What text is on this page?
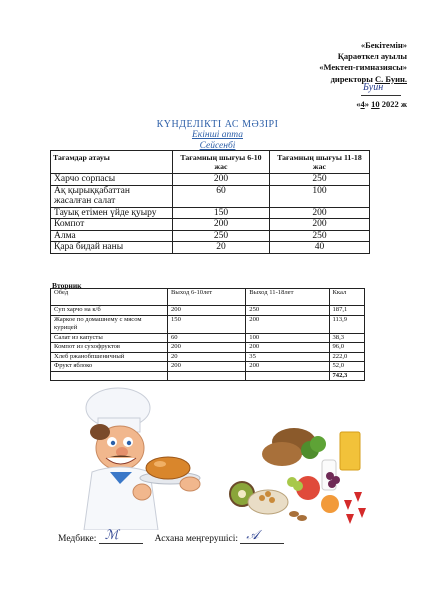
«Бекітемін»
Қараөткел ауылы
«Мектеп-гимназиясы»
директоры С. Буин.
Буин
«4» 10 2022 ж
КҮНДЕЛІКТІ АС МӘЗІРІ
Екінші апта
Сейсенбі
Тағамдар атауы	Тағамның шығуы 6-10 жас	Тағамның шығуы 11-18 жас
Харчо сорпасы	200	250
Ақ қырыққабаттан жасалған салат	60	100
Тауық етімен үйде қуыру	150	200
Компот	200	200
Алма	250	250
Қара бидай наны	20	40
Вторник
Обед	Выход 6-10лет	Выход 11-18лет	Ккал
Суп харчо на к/б	200	250	187,1
Жаркое по домашнему с мясом курицей	150	200	113,9
Салат из капусты	60	100	38,3
Компот из сухофруктов	200	200	96,0
Хлеб ржанобпшеничный	20	35	222,0
Фрукт яблоко	200	200	52,0
			742,3
Медбике: ℳ	Асхана меңгерушісі: 𝒜
